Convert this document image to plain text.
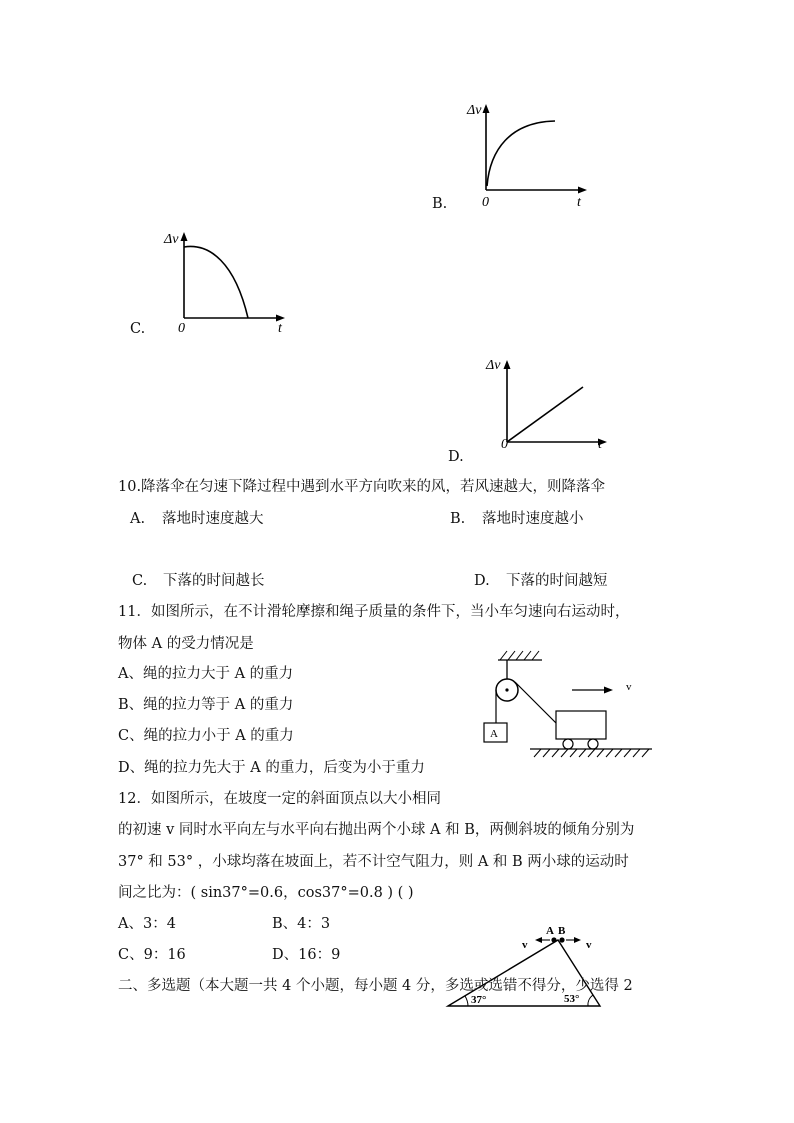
B.
Δv
0	t
C.
Δv
0	t
D.
Δv
0	t
10.降落伞在匀速下降过程中遇到水平方向吹来的风，若风速越大，则降落伞
A. 落地时速度越大	B. 落地时速度越小
C. 下落的时间越长	D. 下落的时间越短
11．如图所示，在不计滑轮摩擦和绳子质量的条件下，当小车匀速向右运动时，
物体 A 的受力情况是
A、绳的拉力大于 A 的重力
B、绳的拉力等于 A 的重力
C、绳的拉力小于 A 的重力
D、绳的拉力先大于 A 的重力，后变为小于重力
A
v
12．如图所示，在坡度一定的斜面顶点以大小相同
的初速 v 同时水平向左与水平向右抛出两个小球 A 和 B，两侧斜坡的倾角分别为
37° 和 53° ，小球均落在坡面上，若不计空气阻力，则 A 和 B 两小球的运动时
间之比为：( sin37°=0.6，cos37°=0.8 ) ( )
A、3：4	B、4：3
C、9：16	D、16：9
37°	53°
A B
v	v
二、多选题（本大题一共 4 个小题，每小题 4 分，多选或选错不得分，少选得 2
